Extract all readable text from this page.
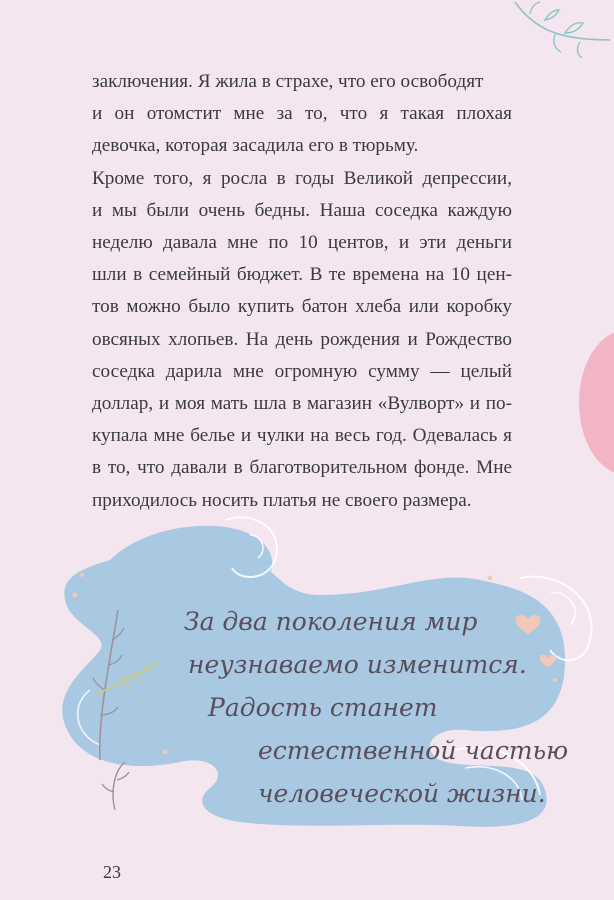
заключения. Я жила в страхе, что его освободят
и он отомстит мне за то, что я такая плохая
девочка, которая засадила его в тюрьму.
Кроме того, я росла в годы Великой депрессии,
и мы были очень бедны. Наша соседка каждую
неделю давала мне по 10 центов, и эти деньги
шли в семейный бюджет. В те времена на 10 цен-
тов можно было купить батон хлеба или коробку
овсяных хлопьев. На день рождения и Рождество
соседка дарила мне огромную сумму — целый
доллар, и моя мать шла в магазин «Вулворт» и по-
купала мне белье и чулки на весь год. Одевалась я
в то, что давали в благотворительном фонде. Мне
приходилось носить платья не своего размера.

За два поколения мир
неузнаваемо изменится.
Радость станет
естественной частью
человеческой жизни.

23
